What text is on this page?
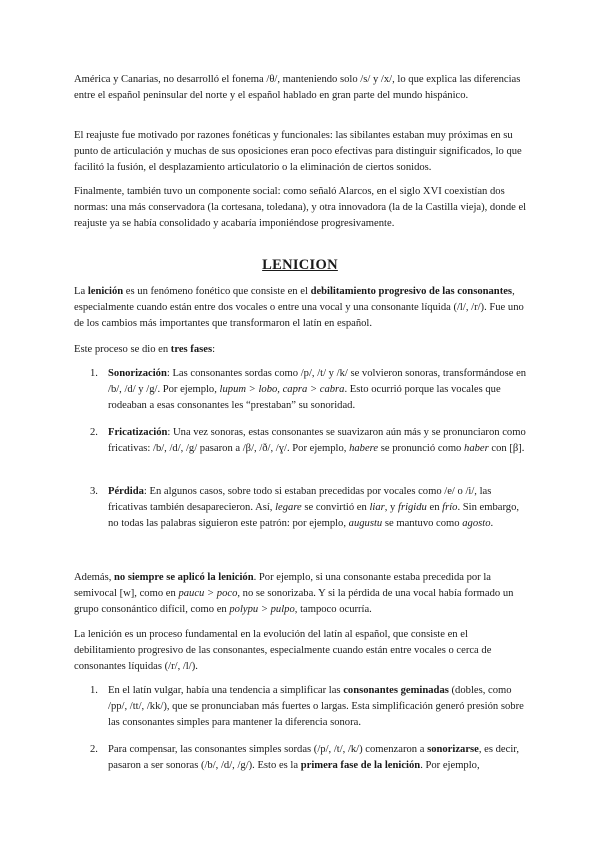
América y Canarias, no desarrolló el fonema /θ/, manteniendo solo /s/ y /x/, lo que explica las diferencias entre el español peninsular del norte y el español hablado en gran parte del mundo hispánico.

El reajuste fue motivado por razones fonéticas y funcionales: las sibilantes estaban muy próximas en su punto de articulación y muchas de sus oposiciones eran poco efectivas para distinguir significados, lo que facilitó la fusión, el desplazamiento articulatorio o la eliminación de ciertos sonidos.

Finalmente, también tuvo un componente social: como señaló Alarcos, en el siglo XVI coexistían dos normas: una más conservadora (la cortesana, toledana), y otra innovadora (la de la Castilla vieja), donde el reajuste ya se había consolidado y acabaría imponiéndose progresivamente.

LENICION

La lenición es un fenómeno fonético que consiste en el debilitamiento progresivo de las consonantes, especialmente cuando están entre dos vocales o entre una vocal y una consonante líquida (/l/, /r/). Fue uno de los cambios más importantes que transformaron el latín en español.

Este proceso se dio en tres fases:

1. Sonorización: Las consonantes sordas como /p/, /t/ y /k/ se volvieron sonoras, transformándose en /b/, /d/ y /g/. Por ejemplo, lupum > lobo, capra > cabra. Esto ocurrió porque las vocales que rodeaban a esas consonantes les “prestaban” su sonoridad.
2. Fricatización: Una vez sonoras, estas consonantes se suavizaron aún más y se pronunciaron como fricativas: /b/, /d/, /g/ pasaron a /β/, /ð/, /ɣ/. Por ejemplo, habere se pronunció como haber con [β].
3. Pérdida: En algunos casos, sobre todo si estaban precedidas por vocales como /e/ o /i/, las fricativas también desaparecieron. Así, legare se convirtió en liar, y frigidu en frío. Sin embargo, no todas las palabras siguieron este patrón: por ejemplo, augustu se mantuvo como agosto.

Además, no siempre se aplicó la lenición. Por ejemplo, si una consonante estaba precedida por la semivocal [w], como en paucu > poco, no se sonorizaba. Y si la pérdida de una vocal había formado un grupo consonántico difícil, como en polypu > pulpo, tampoco ocurría.

La lenición es un proceso fundamental en la evolución del latín al español, que consiste en el debilitamiento progresivo de las consonantes, especialmente cuando están entre vocales o cerca de consonantes líquidas (/r/, /l/).

1. En el latín vulgar, había una tendencia a simplificar las consonantes geminadas (dobles, como /pp/, /tt/, /kk/), que se pronunciaban más fuertes o largas. Esta simplificación generó presión sobre las consonantes simples para mantener la diferencia sonora.
2. Para compensar, las consonantes simples sordas (/p/, /t/, /k/) comenzaron a sonorizarse, es decir, pasaron a ser sonoras (/b/, /d/, /g/). Esto es la primera fase de la lenición. Por ejemplo,
